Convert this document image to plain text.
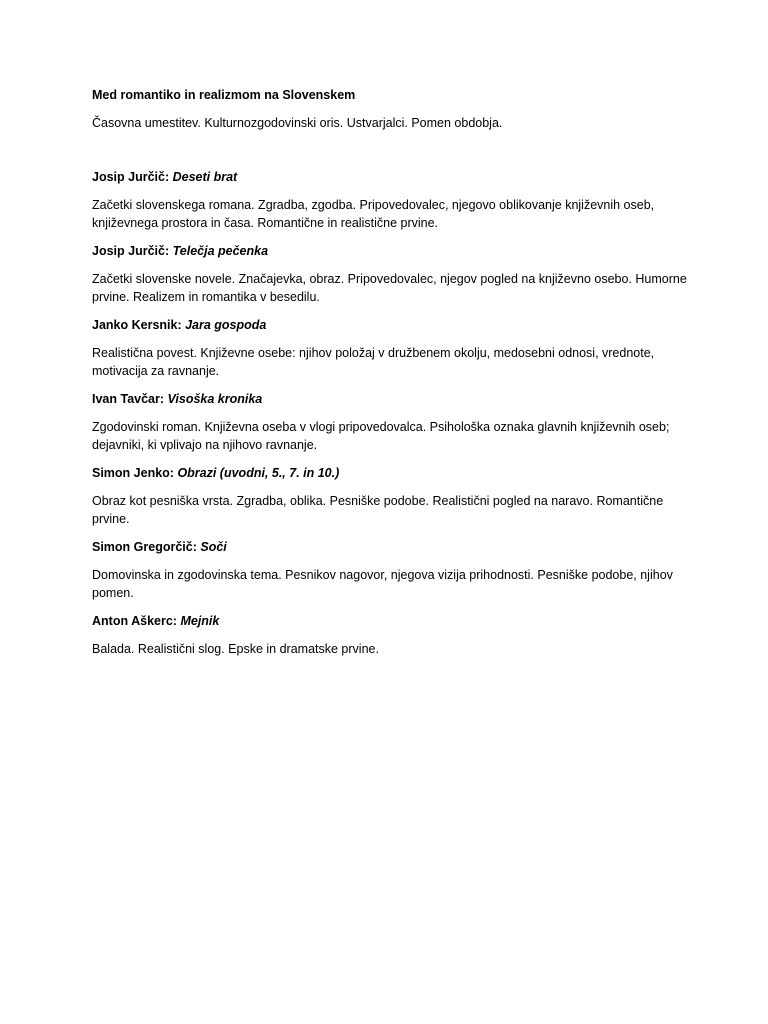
Med romantiko in realizmom na Slovenskem

Časovna umestitev. Kulturnozgodovinski oris. Ustvarjalci. Pomen obdobja.

Josip Jurčič: Deseti brat

Začetki slovenskega romana. Zgradba, zgodba. Pripovedovalec, njegovo oblikovanje književnih oseb, književnega prostora in časa. Romantične in realistične prvine.

Josip Jurčič: Telečja pečenka

Začetki slovenske novele. Značajevka, obraz. Pripovedovalec, njegov pogled na književno osebo. Humorne prvine. Realizem in romantika v besedilu.

Janko Kersnik: Jara gospoda

Realistična povest. Književne osebe: njihov položaj v družbenem okolju, medosebni odnosi, vrednote, motivacija za ravnanje.

Ivan Tavčar: Visoška kronika

Zgodovinski roman. Književna oseba v vlogi pripovedovalca. Psihološka oznaka glavnih književnih oseb; dejavniki, ki vplivajo na njihovo ravnanje.

Simon Jenko: Obrazi (uvodni, 5., 7. in 10.)

Obraz kot pesniška vrsta. Zgradba, oblika. Pesniške podobe. Realistični pogled na naravo. Romantične prvine.

Simon Gregorčič: Soči

Domovinska in zgodovinska tema. Pesnikov nagovor, njegova vizija prihodnosti. Pesniške podobe, njihov pomen.

Anton Aškerc: Mejnik

Balada. Realistični slog. Epske in dramatske prvine.
